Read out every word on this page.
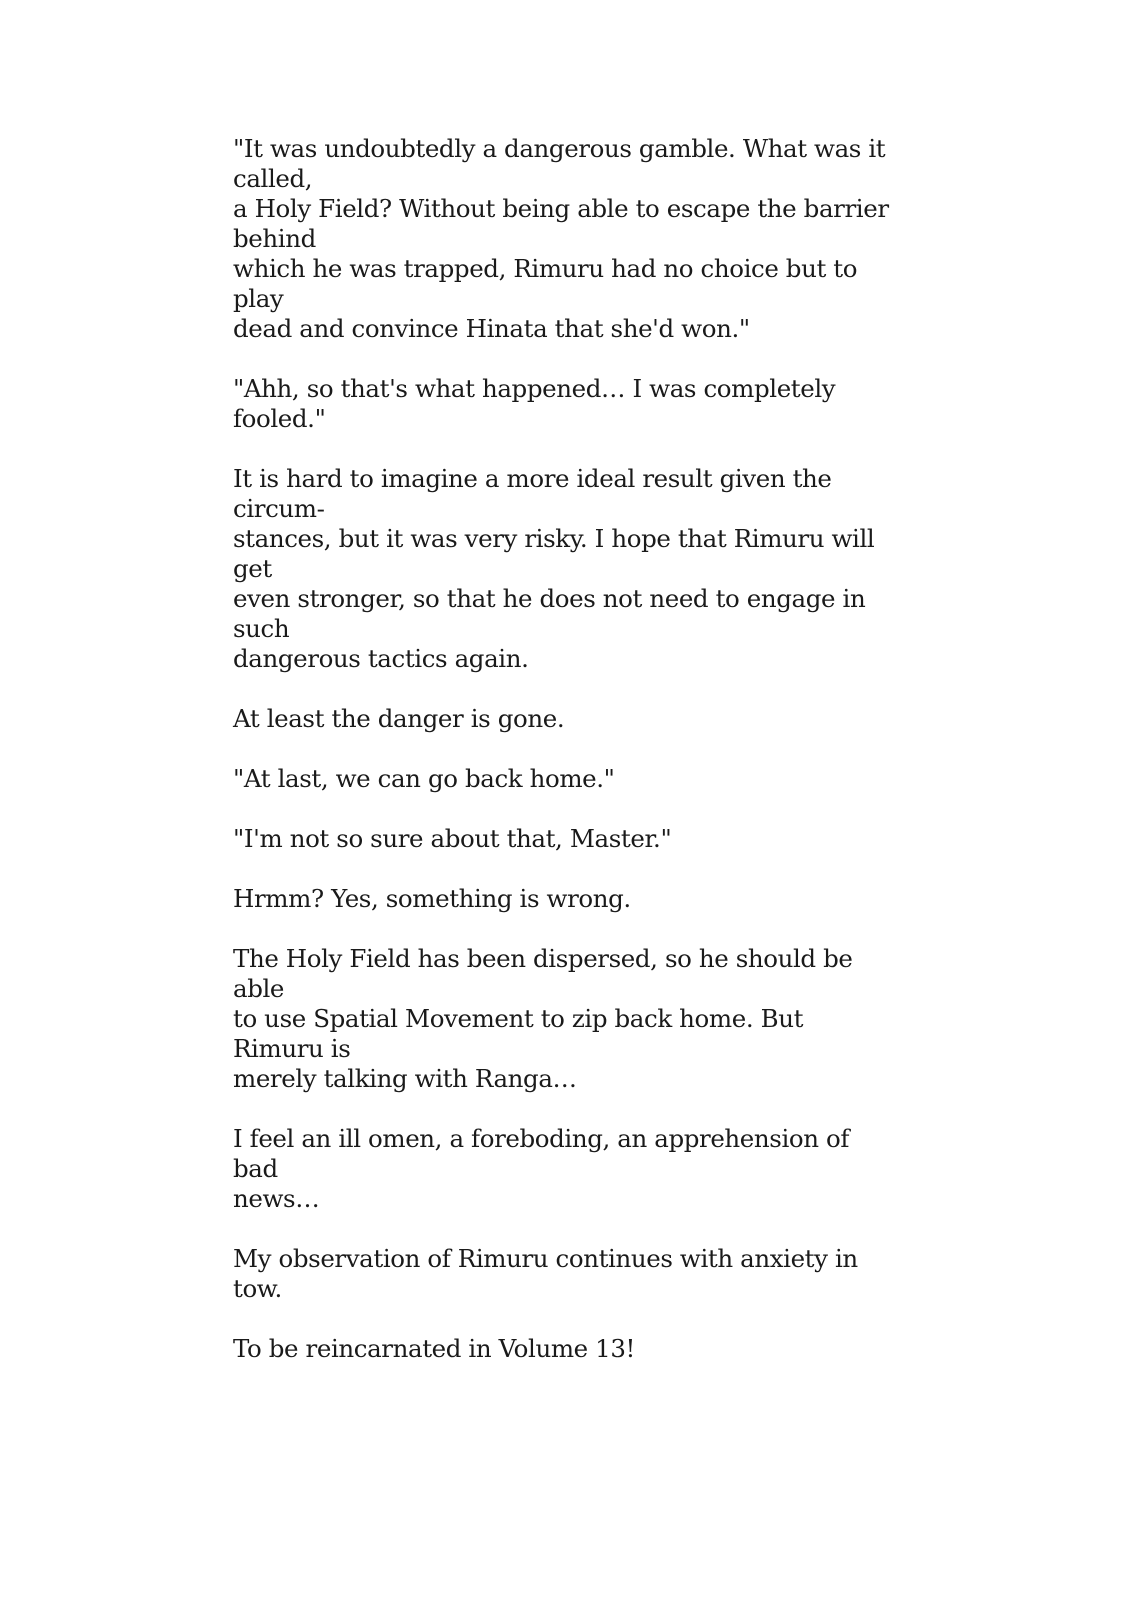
"It was undoubtedly a dangerous gamble. What was it called,
a Holy Field? Without being able to escape the barrier behind
which he was trapped, Rimuru had no choice but to play
dead and convince Hinata that she'd won."

"Ahh, so that's what happened… I was completely fooled."

It is hard to imagine a more ideal result given the circum-
stances, but it was very risky. I hope that Rimuru will get
even stronger, so that he does not need to engage in such
dangerous tactics again.

At least the danger is gone.

"At last, we can go back home."

"I'm not so sure about that, Master."

Hrmm? Yes, something is wrong.

The Holy Field has been dispersed, so he should be able
to use Spatial Movement to zip back home. But Rimuru is
merely talking with Ranga…

I feel an ill omen, a foreboding, an apprehension of bad
news…

My observation of Rimuru continues with anxiety in tow.

To be reincarnated in Volume 13!
